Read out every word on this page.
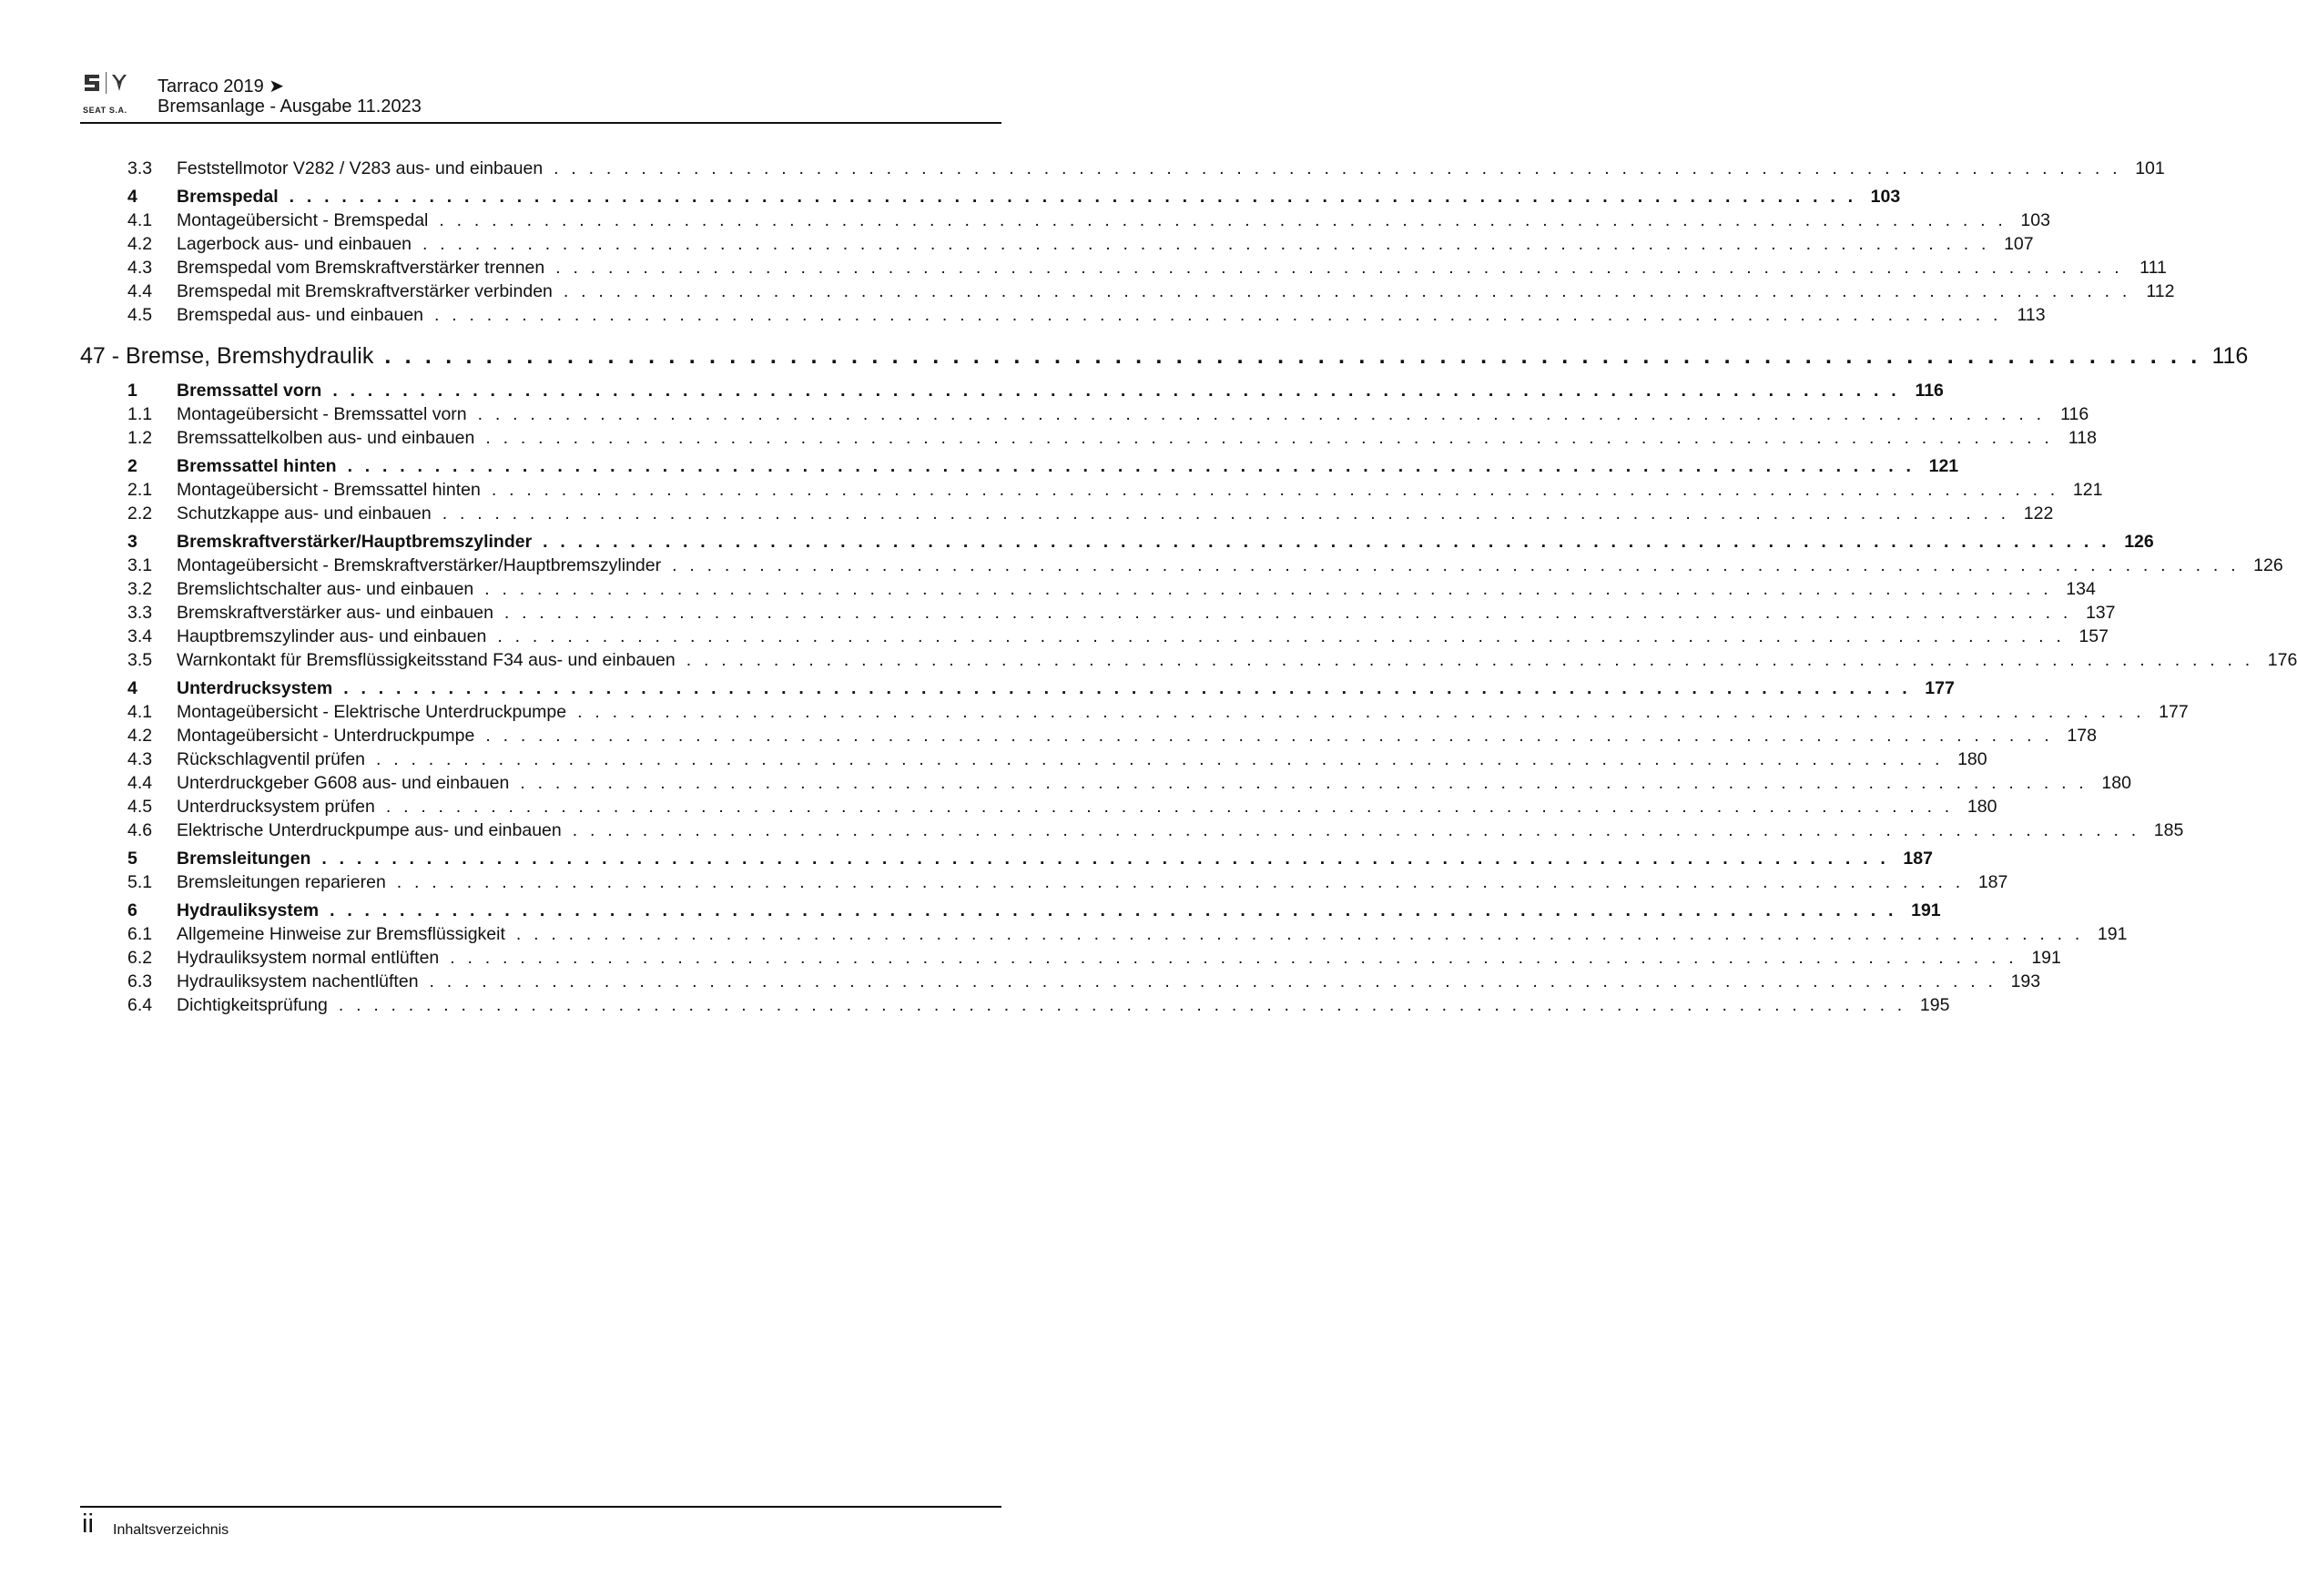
SEAT S.A.
Tarraco 2019 ➤
Bremsanlage - Ausgabe 11.2023
3.3	Feststellmotor V282 / V283 aus- und einbauen . . . . . . . . . . . . . . . . . . . . . . . . . . . . . . . . . . . . . . . . . . . . . . . . . . . . . . . . . . . . . . . . . . . . . . . . . . . . . . . . . . . . . . . . . . 101
4	Bremspedal . . . . . . . . . . . . . . . . . . . . . . . . . . . . . . . . . . . . . . . . . . . . . . . . . . . . . . . . . . . . . . . . . . . . . . . . . . . . . . . . . . . . . . . . . . 103
4.1	Montageübersicht - Bremspedal . . . . . . . . . . . . . . . . . . . . . . . . . . . . . . . . . . . . . . . . . . . . . . . . . . . . . . . . . . . . . . . . . . . . . . . . . . . . . . . . . . . . . . . . . . 103
4.2	Lagerbock aus- und einbauen . . . . . . . . . . . . . . . . . . . . . . . . . . . . . . . . . . . . . . . . . . . . . . . . . . . . . . . . . . . . . . . . . . . . . . . . . . . . . . . . . . . . . . . . . . 107
4.3	Bremspedal vom Bremskraftverstärker trennen . . . . . . . . . . . . . . . . . . . . . . . . . . . . . . . . . . . . . . . . . . . . . . . . . . . . . . . . . . . . . . . . . . . . . . . . . . . . . . . . . . . . . . . . . . 111
4.4	Bremspedal mit Bremskraftverstärker verbinden . . . . . . . . . . . . . . . . . . . . . . . . . . . . . . . . . . . . . . . . . . . . . . . . . . . . . . . . . . . . . . . . . . . . . . . . . . . . . . . . . . . . . . . . . . 112
4.5	Bremspedal aus- und einbauen . . . . . . . . . . . . . . . . . . . . . . . . . . . . . . . . . . . . . . . . . . . . . . . . . . . . . . . . . . . . . . . . . . . . . . . . . . . . . . . . . . . . . . . . . . 113
47 - Bremse, Bremshydraulik . . . . . . . . . . . . . . . . . . . . . . . . . . . . . . . . . . . . . . . . . . . . . . . . . . . . . . . . . . . . . . . . . . . . . . . . . . . . . . . . . . . . . . . . . . 116
1	Bremssattel vorn . . . . . . . . . . . . . . . . . . . . . . . . . . . . . . . . . . . . . . . . . . . . . . . . . . . . . . . . . . . . . . . . . . . . . . . . . . . . . . . . . . . . . . . . . . 116
1.1	Montageübersicht - Bremssattel vorn . . . . . . . . . . . . . . . . . . . . . . . . . . . . . . . . . . . . . . . . . . . . . . . . . . . . . . . . . . . . . . . . . . . . . . . . . . . . . . . . . . . . . . . . . . 116
1.2	Bremssattelkolben aus- und einbauen . . . . . . . . . . . . . . . . . . . . . . . . . . . . . . . . . . . . . . . . . . . . . . . . . . . . . . . . . . . . . . . . . . . . . . . . . . . . . . . . . . . . . . . . . . 118
2	Bremssattel hinten . . . . . . . . . . . . . . . . . . . . . . . . . . . . . . . . . . . . . . . . . . . . . . . . . . . . . . . . . . . . . . . . . . . . . . . . . . . . . . . . . . . . . . . . . . 121
2.1	Montageübersicht - Bremssattel hinten . . . . . . . . . . . . . . . . . . . . . . . . . . . . . . . . . . . . . . . . . . . . . . . . . . . . . . . . . . . . . . . . . . . . . . . . . . . . . . . . . . . . . . . . . . 121
2.2	Schutzkappe aus- und einbauen . . . . . . . . . . . . . . . . . . . . . . . . . . . . . . . . . . . . . . . . . . . . . . . . . . . . . . . . . . . . . . . . . . . . . . . . . . . . . . . . . . . . . . . . . . 122
3	Bremskraftverstärker/Hauptbremszylinder . . . . . . . . . . . . . . . . . . . . . . . . . . . . . . . . . . . . . . . . . . . . . . . . . . . . . . . . . . . . . . . . . . . . . . . . . . . . . . . . . . . . . . . . . . 126
3.1	Montageübersicht - Bremskraftverstärker/Hauptbremszylinder . . . . . . . . . . . . . . . . . . . . . . . . . . . . . . . . . . . . . . . . . . . . . . . . . . . . . . . . . . . . . . . . . . . . . . . . . . . . . . . . . . . . . . . . . . 126
3.2	Bremslichtschalter aus- und einbauen . . . . . . . . . . . . . . . . . . . . . . . . . . . . . . . . . . . . . . . . . . . . . . . . . . . . . . . . . . . . . . . . . . . . . . . . . . . . . . . . . . . . . . . . . . 134
3.3	Bremskraftverstärker aus- und einbauen . . . . . . . . . . . . . . . . . . . . . . . . . . . . . . . . . . . . . . . . . . . . . . . . . . . . . . . . . . . . . . . . . . . . . . . . . . . . . . . . . . . . . . . . . . 137
3.4	Hauptbremszylinder aus- und einbauen . . . . . . . . . . . . . . . . . . . . . . . . . . . . . . . . . . . . . . . . . . . . . . . . . . . . . . . . . . . . . . . . . . . . . . . . . . . . . . . . . . . . . . . . . . 157
3.5	Warnkontakt für Bremsflüssigkeitsstand F34 aus- und einbauen . . . . . . . . . . . . . . . . . . . . . . . . . . . . . . . . . . . . . . . . . . . . . . . . . . . . . . . . . . . . . . . . . . . . . . . . . . . . . . . . . . . . . . . . . . 176
4	Unterdrucksystem . . . . . . . . . . . . . . . . . . . . . . . . . . . . . . . . . . . . . . . . . . . . . . . . . . . . . . . . . . . . . . . . . . . . . . . . . . . . . . . . . . . . . . . . . . 177
4.1	Montageübersicht - Elektrische Unterdruckpumpe . . . . . . . . . . . . . . . . . . . . . . . . . . . . . . . . . . . . . . . . . . . . . . . . . . . . . . . . . . . . . . . . . . . . . . . . . . . . . . . . . . . . . . . . . . 177
4.2	Montageübersicht - Unterdruckpumpe . . . . . . . . . . . . . . . . . . . . . . . . . . . . . . . . . . . . . . . . . . . . . . . . . . . . . . . . . . . . . . . . . . . . . . . . . . . . . . . . . . . . . . . . . . 178
4.3	Rückschlagventil prüfen . . . . . . . . . . . . . . . . . . . . . . . . . . . . . . . . . . . . . . . . . . . . . . . . . . . . . . . . . . . . . . . . . . . . . . . . . . . . . . . . . . . . . . . . . . 180
4.4	Unterdruckgeber G608 aus- und einbauen . . . . . . . . . . . . . . . . . . . . . . . . . . . . . . . . . . . . . . . . . . . . . . . . . . . . . . . . . . . . . . . . . . . . . . . . . . . . . . . . . . . . . . . . . . 180
4.5	Unterdrucksystem prüfen . . . . . . . . . . . . . . . . . . . . . . . . . . . . . . . . . . . . . . . . . . . . . . . . . . . . . . . . . . . . . . . . . . . . . . . . . . . . . . . . . . . . . . . . . . 180
4.6	Elektrische Unterdruckpumpe aus- und einbauen . . . . . . . . . . . . . . . . . . . . . . . . . . . . . . . . . . . . . . . . . . . . . . . . . . . . . . . . . . . . . . . . . . . . . . . . . . . . . . . . . . . . . . . . . . 185
5	Bremsleitungen . . . . . . . . . . . . . . . . . . . . . . . . . . . . . . . . . . . . . . . . . . . . . . . . . . . . . . . . . . . . . . . . . . . . . . . . . . . . . . . . . . . . . . . . . . 187
5.1	Bremsleitungen reparieren . . . . . . . . . . . . . . . . . . . . . . . . . . . . . . . . . . . . . . . . . . . . . . . . . . . . . . . . . . . . . . . . . . . . . . . . . . . . . . . . . . . . . . . . . . 187
6	Hydrauliksystem . . . . . . . . . . . . . . . . . . . . . . . . . . . . . . . . . . . . . . . . . . . . . . . . . . . . . . . . . . . . . . . . . . . . . . . . . . . . . . . . . . . . . . . . . . 191
6.1	Allgemeine Hinweise zur Bremsflüssigkeit . . . . . . . . . . . . . . . . . . . . . . . . . . . . . . . . . . . . . . . . . . . . . . . . . . . . . . . . . . . . . . . . . . . . . . . . . . . . . . . . . . . . . . . . . . 191
6.2	Hydrauliksystem normal entlüften . . . . . . . . . . . . . . . . . . . . . . . . . . . . . . . . . . . . . . . . . . . . . . . . . . . . . . . . . . . . . . . . . . . . . . . . . . . . . . . . . . . . . . . . . . 191
6.3	Hydrauliksystem nachentlüften . . . . . . . . . . . . . . . . . . . . . . . . . . . . . . . . . . . . . . . . . . . . . . . . . . . . . . . . . . . . . . . . . . . . . . . . . . . . . . . . . . . . . . . . . . 193
6.4	Dichtigkeitsprüfung . . . . . . . . . . . . . . . . . . . . . . . . . . . . . . . . . . . . . . . . . . . . . . . . . . . . . . . . . . . . . . . . . . . . . . . . . . . . . . . . . . . . . . . . . . 195
ii Inhaltsverzeichnis
